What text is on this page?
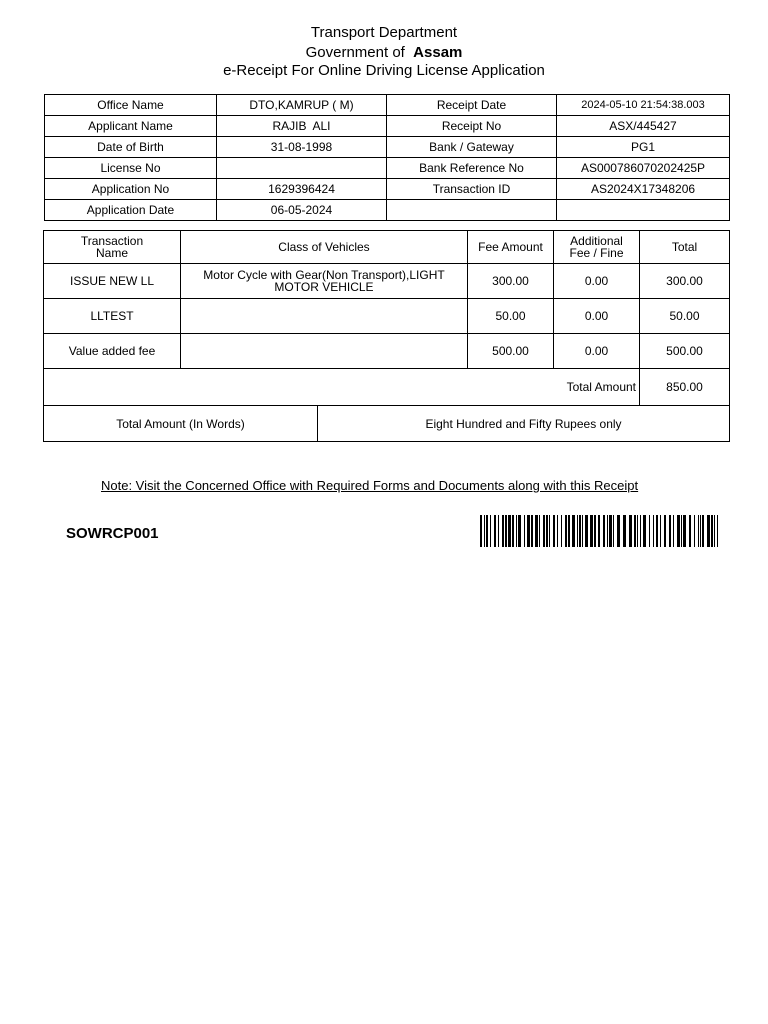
Transport Department
Government of Assam
e-Receipt For Online Driving License Application
Office Name	DTO,KAMRUP ( M)	Receipt Date	2024-05-10 21:54:38.003
Applicant Name	RAJIB  ALI	Receipt No	ASX/445427
Date of Birth	31-08-1998	Bank / Gateway	PG1
License No		Bank Reference No	AS000786070202425P
Application No	1629396424	Transaction ID	AS2024X17348206
Application Date	06-05-2024		
Transaction Name	Class of Vehicles	Fee Amount	Additional Fee / Fine	Total
ISSUE NEW LL	Motor Cycle with Gear(Non Transport),LIGHT MOTOR VEHICLE	300.00	0.00	300.00
LLTEST		50.00	0.00	50.00
Value added fee		500.00	0.00	500.00
Total Amount				850.00
Total Amount (In Words)	Eight Hundred and Fifty Rupees only
Note: Visit the Concerned Office with Required Forms and Documents along with this Receipt
SOWRCP001
